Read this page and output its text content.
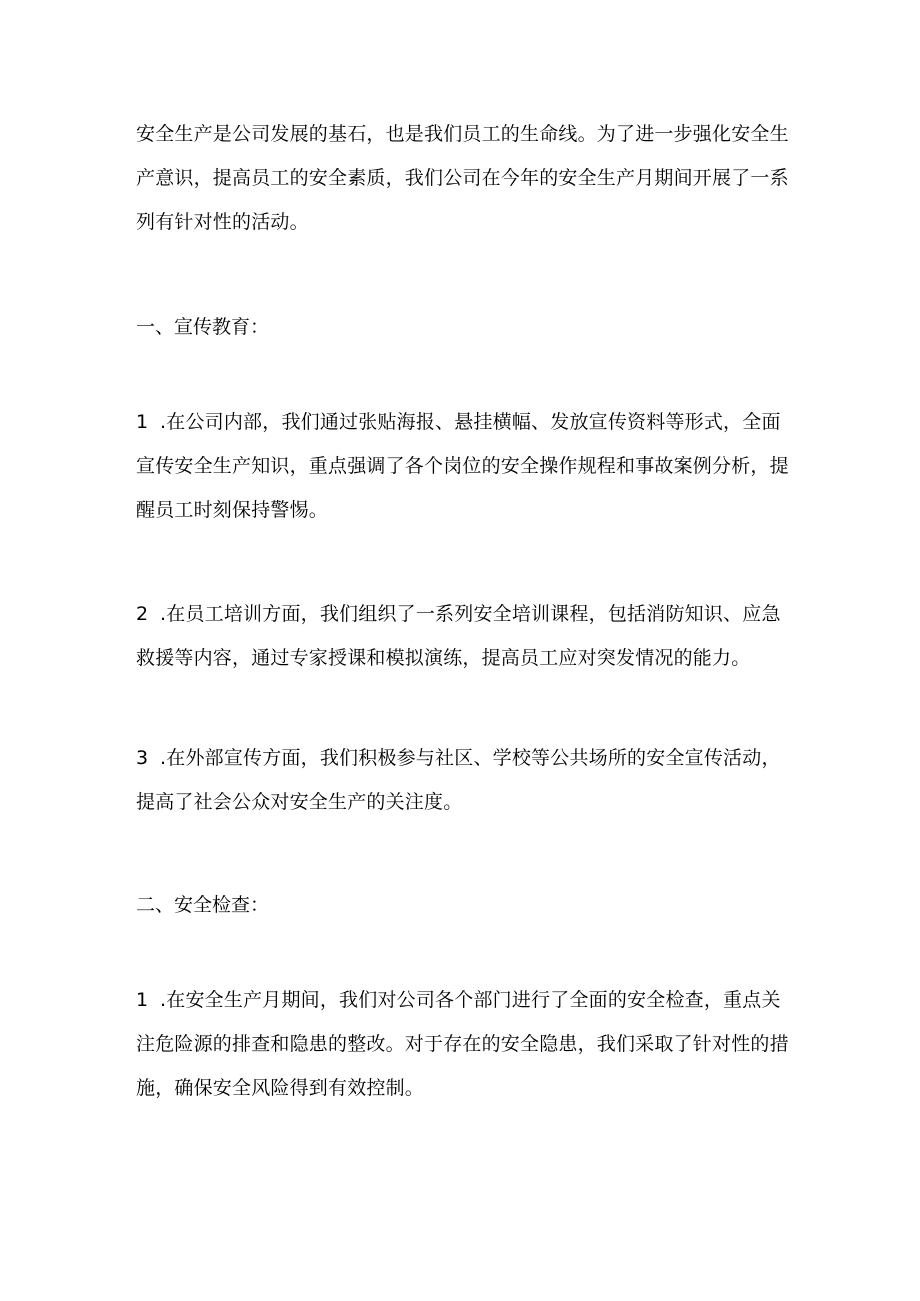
安全生产是公司发展的基石，也是我们员工的生命线。为了进一步强化安全生产意识，提高员工的安全素质，我们公司在今年的安全生产月期间开展了一系列有针对性的活动。

一、宣传教育：

1 .在公司内部，我们通过张贴海报、悬挂横幅、发放宣传资料等形式，全面宣传安全生产知识，重点强调了各个岗位的安全操作规程和事故案例分析，提醒员工时刻保持警惕。

2 .在员工培训方面，我们组织了一系列安全培训课程，包括消防知识、应急救援等内容，通过专家授课和模拟演练，提高员工应对突发情况的能力。

3 .在外部宣传方面，我们积极参与社区、学校等公共场所的安全宣传活动，提高了社会公众对安全生产的关注度。

二、安全检查：

1 .在安全生产月期间，我们对公司各个部门进行了全面的安全检查，重点关注危险源的排查和隐患的整改。对于存在的安全隐患，我们采取了针对性的措施，确保安全风险得到有效控制。
